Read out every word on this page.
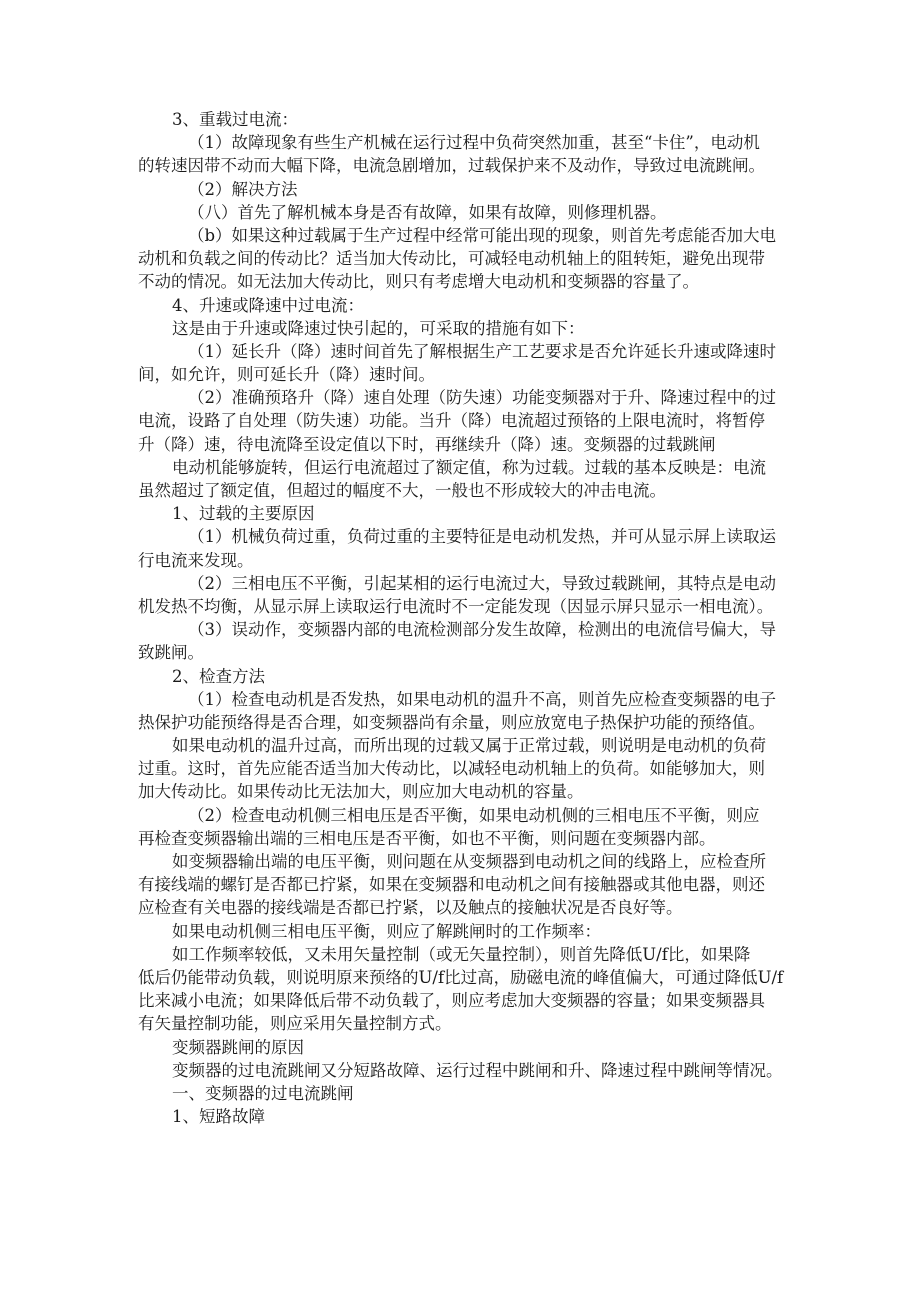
3、重载过电流：
（1）故障现象有些生产机械在运行过程中负荷突然加重，甚至“卡住”，电动机
的转速因带不动而大幅下降，电流急剧增加，过载保护来不及动作，导致过电流跳闸。
（2）解决方法
（八）首先了解机械本身是否有故障，如果有故障，则修理机器。
（b）如果这种过载属于生产过程中经常可能出现的现象，则首先考虑能否加大电
动机和负载之间的传动比？适当加大传动比，可减轻电动机轴上的阻转矩，避免出现带
不动的情况。如无法加大传动比，则只有考虑增大电动机和变频器的容量了。
4、升速或降速中过电流：
这是由于升速或降速过快引起的，可采取的措施有如下：
（1）延长升（降）速时间首先了解根据生产工艺要求是否允许延长升速或降速时
间，如允许，则可延长升（降）速时间。
（2）准确预珞升（降）速自处理（防失速）功能变频器对于升、降速过程中的过
电流，设路了自处理（防失速）功能。当升（降）电流超过预铬的上限电流时，将暂停
升（降）速，待电流降至设定值以下时，再继续升（降）速。变频器的过载跳闸
电动机能够旋转，但运行电流超过了额定值，称为过载。过载的基本反映是：电流
虽然超过了额定值，但超过的幅度不大，一般也不形成较大的冲击电流。
1、过载的主要原因
（1）机械负荷过重，负荷过重的主要特征是电动机发热，并可从显示屏上读取运
行电流来发现。
（2）三相电压不平衡，引起某相的运行电流过大，导致过载跳闸，其特点是电动
机发热不均衡，从显示屏上读取运行电流时不一定能发现（因显示屏只显示一相电流）。
（3）误动作，变频器内部的电流检测部分发生故障，检测出的电流信号偏大，导
致跳闸。
2、检查方法
（1）检查电动机是否发热，如果电动机的温升不高，则首先应检查变频器的电子
热保护功能预络得是否合理，如变频器尚有余量，则应放宽电子热保护功能的预络值。
如果电动机的温升过高，而所出现的过载又属于正常过载，则说明是电动机的负荷
过重。这时，首先应能否适当加大传动比，以减轻电动机轴上的负荷。如能够加大，则
加大传动比。如果传动比无法加大，则应加大电动机的容量。
（2）检查电动机侧三相电压是否平衡，如果电动机侧的三相电压不平衡，则应
再检查变频器输出端的三相电压是否平衡，如也不平衡，则问题在变频器内部。
如变频器输出端的电压平衡，则问题在从变频器到电动机之间的线路上，应检查所
有接线端的螺钉是否都已拧紧，如果在变频器和电动机之间有接触器或其他电器，则还
应检查有关电器的接线端是否都已拧紧，以及触点的接触状况是否良好等。
如果电动机侧三相电压平衡，则应了解跳闸时的工作频率：
如工作频率较低，又未用矢量控制（或无矢量控制），则首先降低U/f比，如果降
低后仍能带动负载，则说明原来预络的U/f比过高，励磁电流的峰值偏大，可通过降低U/f
比来减小电流；如果降低后带不动负载了，则应考虑加大变频器的容量；如果变频器具
有矢量控制功能，则应采用矢量控制方式。
变频器跳闸的原因
变频器的过电流跳闸又分短路故障、运行过程中跳闸和升、降速过程中跳闸等情况。
一、变频器的过电流跳闸
1、短路故障
